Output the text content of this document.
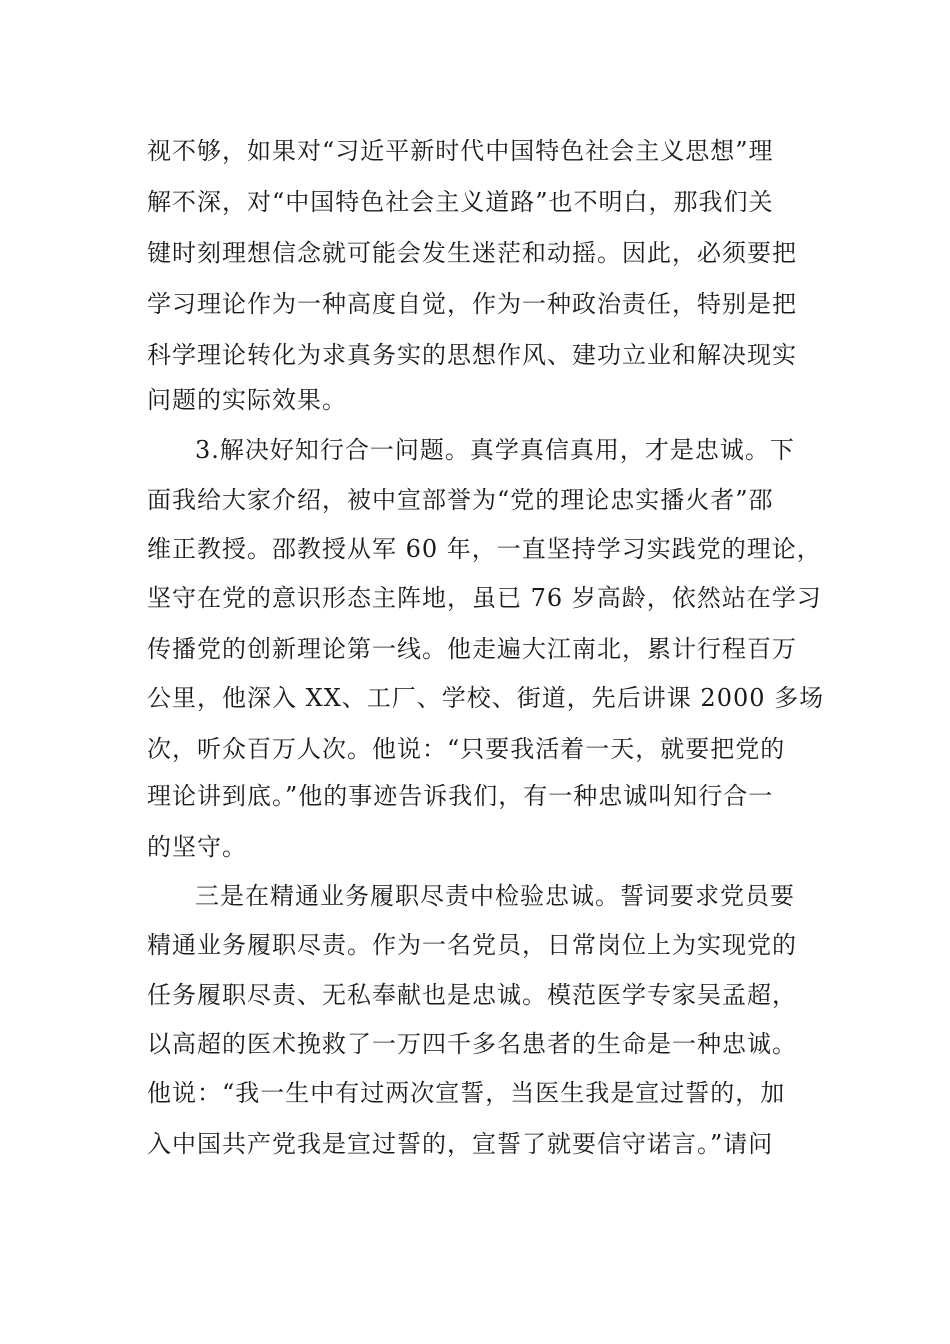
视不够，如果对“习近平新时代中国特色社会主义思想”理
解不深，对“中国特色社会主义道路”也不明白，那我们关
键时刻理想信念就可能会发生迷茫和动摇。因此，必须要把
学习理论作为一种高度自觉，作为一种政治责任，特别是把
科学理论转化为求真务实的思想作风、建功立业和解决现实
问题的实际效果。
3.解决好知行合一问题。真学真信真用，才是忠诚。下
面我给大家介绍，被中宣部誉为“党的理论忠实播火者”邵
维正教授。邵教授从军 60 年，一直坚持学习实践党的理论，
坚守在党的意识形态主阵地，虽已 76 岁高龄，依然站在学习
传播党的创新理论第一线。他走遍大江南北，累计行程百万
公里，他深入 XX、工厂、学校、街道，先后讲课 2000 多场
次，听众百万人次。他说：“只要我活着一天，就要把党的
理论讲到底。”他的事迹告诉我们，有一种忠诚叫知行合一
的坚守。
三是在精通业务履职尽责中检验忠诚。誓词要求党员要
精通业务履职尽责。作为一名党员，日常岗位上为实现党的
任务履职尽责、无私奉献也是忠诚。模范医学专家吴孟超，
以高超的医术挽救了一万四千多名患者的生命是一种忠诚。
他说：“我一生中有过两次宣誓，当医生我是宣过誓的，加
入中国共产党我是宣过誓的，宣誓了就要信守诺言。”请问
